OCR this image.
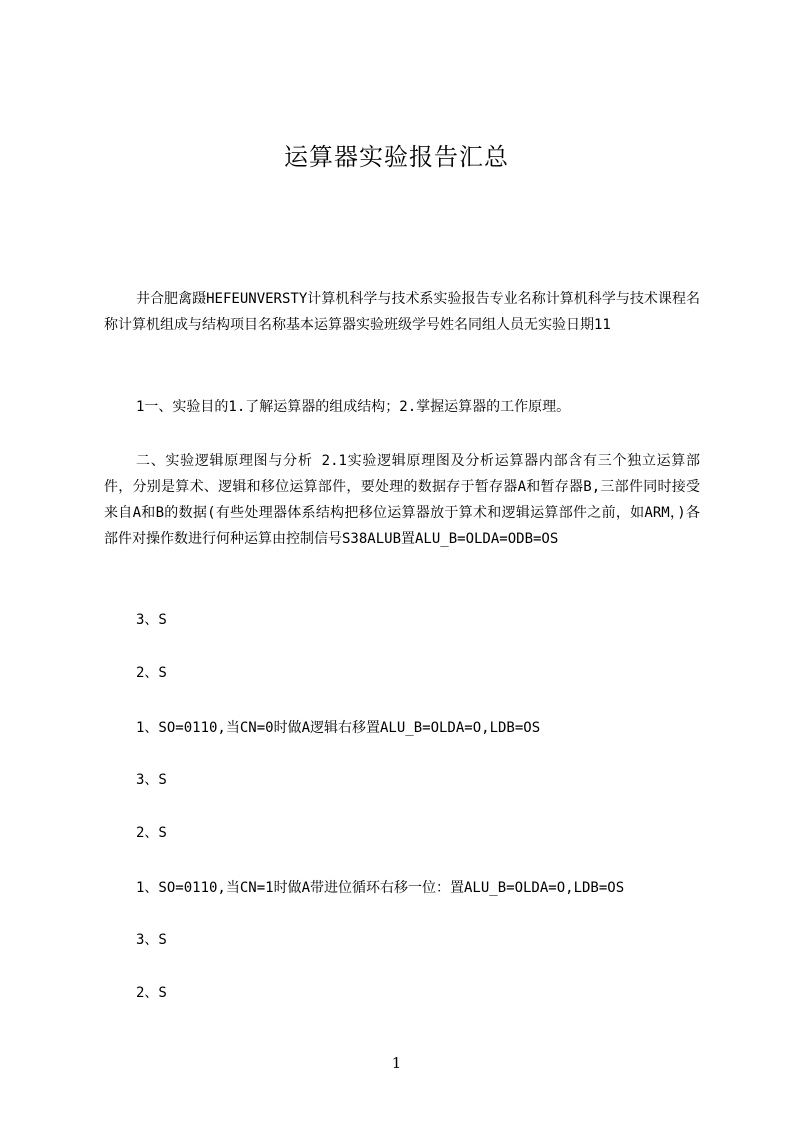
运算器实验报告汇总

井合肥禽蹑HEFEUNVERSTY计算机科学与技术系实验报告专业名称计算机科学与技术课程名称计算机组成与结构项目名称基本运算器实验班级学号姓名同组人员无实验日期11

1一、实验目的1.了解运算器的组成结构；2.掌握运算器的工作原理。

二、实验逻辑原理图与分析 2.1实验逻辑原理图及分析运算器内部含有三个独立运算部件，分别是算术、逻辑和移位运算部件，要处理的数据存于暂存器A和暂存器B,三部件同时接受来自A和B的数据(有些处理器体系结构把移位运算器放于算术和逻辑运算部件之前，如ARM，)各部件对操作数进行何种运算由控制信号S38ALUB置ALU_B=OLDA=ODB=OS

3、S

2、S

1、SO=0110,当CN=0时做A逻辑右移置ALU_B=OLDA=O,LDB=OS

3、S

2、S

1、SO=0110,当CN=1时做A带进位循环右移一位：置ALU_B=OLDA=O,LDB=OS

3、S

2、S

1
